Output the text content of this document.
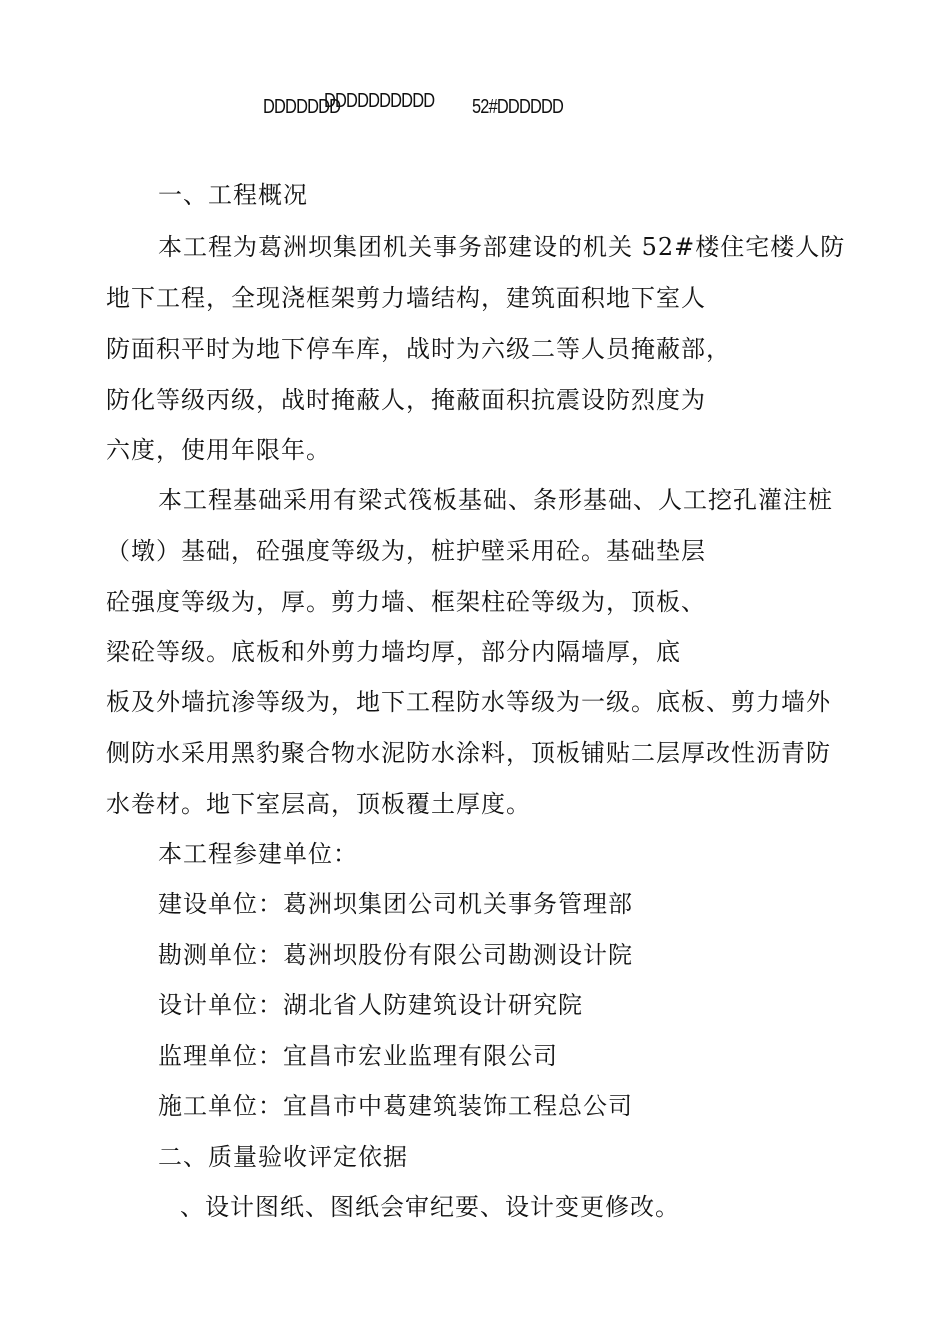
DDDDDDD
DDDDDDDDDD 52#DDDDDD
一、工程概况
本工程为葛洲坝集团机关事务部建设的机关 52#楼住宅楼人防
地下工程，全现浇框架剪力墙结构，建筑面积地下室人
防面积平时为地下停车库，战时为六级二等人员掩蔽部，
防化等级丙级，战时掩蔽人，掩蔽面积抗震设防烈度为
六度，使用年限年。
本工程基础采用有梁式筏板基础、条形基础、人工挖孔灌注桩
（墩）基础，砼强度等级为，桩护壁采用砼。基础垫层
砼强度等级为，厚。剪力墙、框架柱砼等级为，顶板、
梁砼等级。底板和外剪力墙均厚，部分内隔墙厚，底
板及外墙抗渗等级为，地下工程防水等级为一级。底板、剪力墙外
侧防水采用黑豹聚合物水泥防水涂料，顶板铺贴二层厚改性沥青防
水卷材。地下室层高，顶板覆土厚度。
本工程参建单位：
建设单位：葛洲坝集团公司机关事务管理部
勘测单位：葛洲坝股份有限公司勘测设计院
设计单位：湖北省人防建筑设计研究院
监理单位：宜昌市宏业监理有限公司
施工单位：宜昌市中葛建筑装饰工程总公司
二、质量验收评定依据
、设计图纸、图纸会审纪要、设计变更修改。
